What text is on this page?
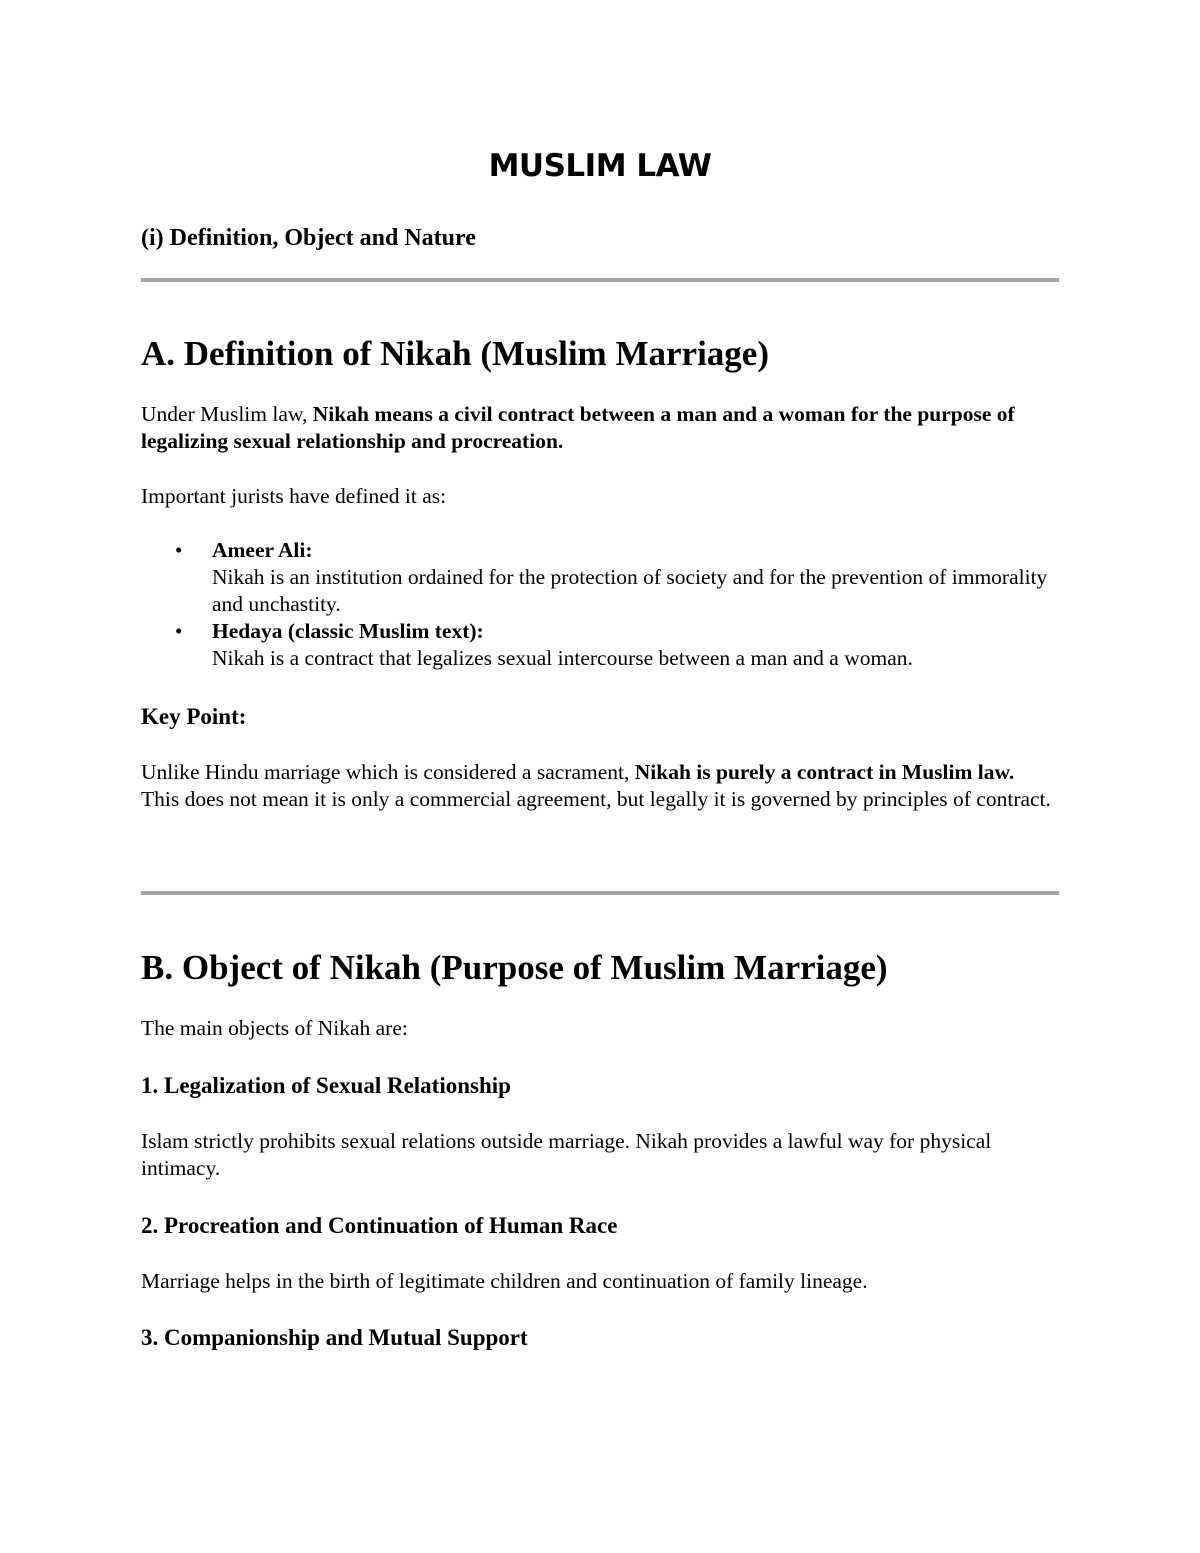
MUSLIM LAW

(i) Definition, Object and Nature

A. Definition of Nikah (Muslim Marriage)

Under Muslim law, Nikah means a civil contract between a man and a woman for the purpose of legalizing sexual relationship and procreation.

Important jurists have defined it as:

• Ameer Ali:
Nikah is an institution ordained for the protection of society and for the prevention of immorality and unchastity.
• Hedaya (classic Muslim text):
Nikah is a contract that legalizes sexual intercourse between a man and a woman.
Key Point:

Unlike Hindu marriage which is considered a sacrament, Nikah is purely a contract in Muslim law.
This does not mean it is only a commercial agreement, but legally it is governed by principles of contract.

B. Object of Nikah (Purpose of Muslim Marriage)

The main objects of Nikah are:

1. Legalization of Sexual Relationship

Islam strictly prohibits sexual relations outside marriage. Nikah provides a lawful way for physical intimacy.

2. Procreation and Continuation of Human Race

Marriage helps in the birth of legitimate children and continuation of family lineage.

3. Companionship and Mutual Support
